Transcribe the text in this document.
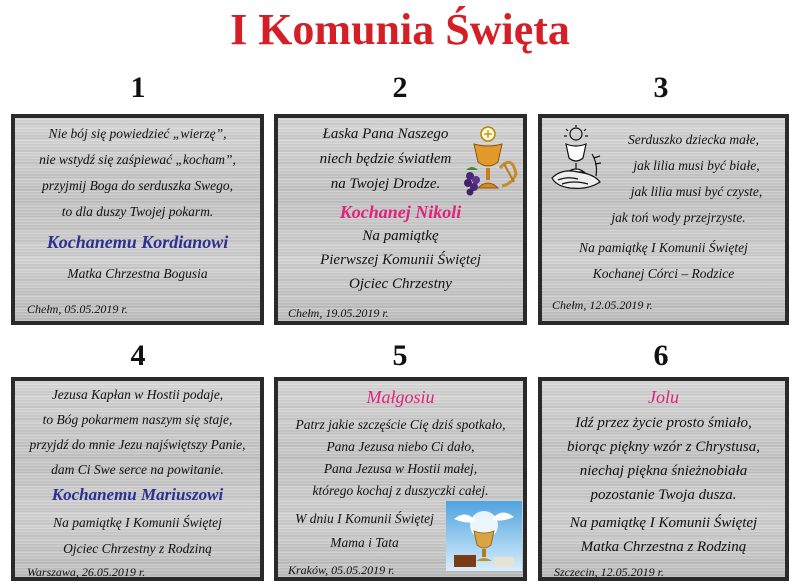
I Komunia Święta
1	2	3
4	5	6
Nie bój się powiedzieć „wierzę”,
nie wstydź się zaśpiewać „kocham”,
przyjmij Boga do serduszka Swego,
to dla duszy Twojej pokarm.
Kochanemu Kordianowi
Matka Chrzestna Bogusia
Chełm, 05.05.2019 r.
Łaska Pana Naszego
niech będzie światłem
na Twojej Drodze.
Kochanej Nikoli
Na pamiątkę
Pierwszej Komunii Świętej
Ojciec Chrzestny
Chełm, 19.05.2019 r.
Serduszko dziecka małe,
jak lilia musi być białe,
jak lilia musi być czyste,
jak toń wody przejrzyste.
Na pamiątkę I Komunii Świętej
Kochanej Córci – Rodzice
Chełm, 12.05.2019 r.
Jezusa Kapłan w Hostii podaje,
to Bóg pokarmem naszym się staje,
przyjdź do mnie Jezu najświętszy Panie,
dam Ci Swe serce na powitanie.
Kochanemu Mariuszowi
Na pamiątkę I Komunii Świętej
Ojciec Chrzestny z Rodziną
Warszawa, 26.05.2019 r.
Małgosiu
Patrz jakie szczęście Cię dziś spotkało,
Pana Jezusa niebo Ci dało,
Pana Jezusa w Hostii małej,
którego kochaj z duszyczki całej.
W dniu I Komunii Świętej
Mama i Tata
Kraków, 05.05.2019 r.
Jolu
Idź przez życie prosto śmiało,
biorąc piękny wzór z Chrystusa,
niechaj piękna śnieżnobiała
pozostanie Twoja dusza.
Na pamiątkę I Komunii Świętej
Matka Chrzestna z Rodziną
Szczecin, 12.05.2019 r.
